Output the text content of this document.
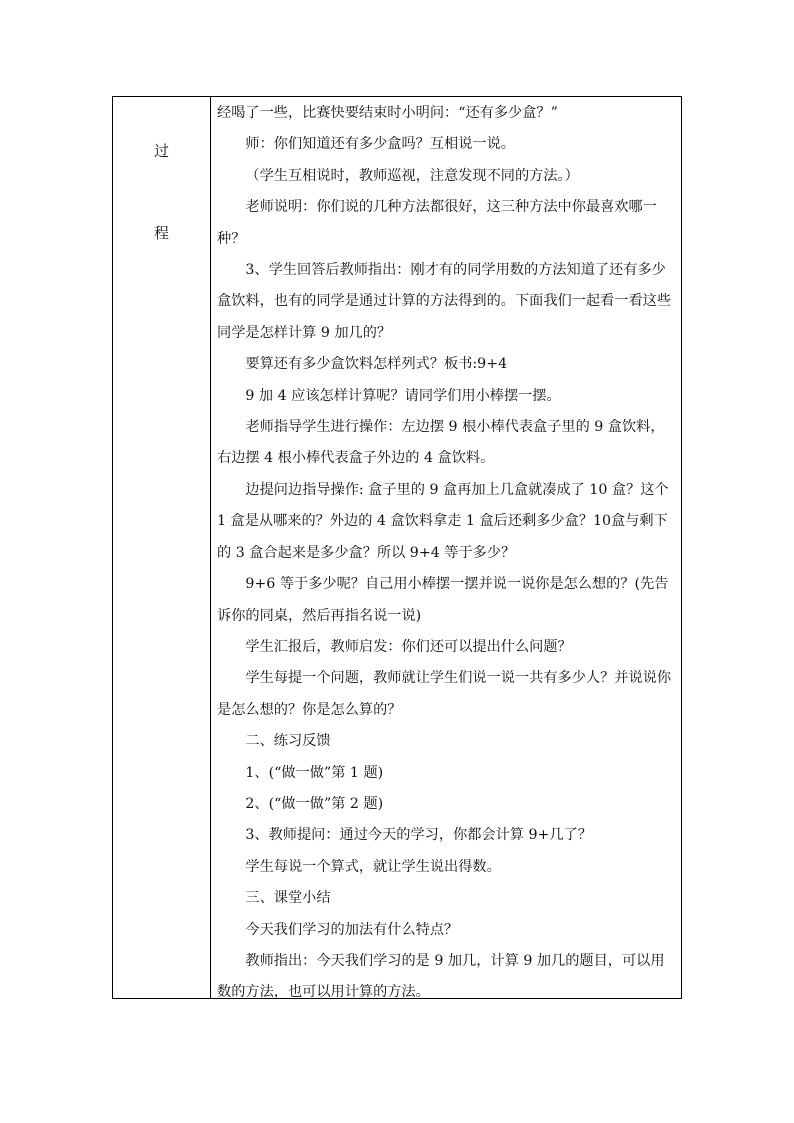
过
程

经喝了一些，比赛快要结束时小明问：“还有多少盒？”

师：你们知道还有多少盒吗？互相说一说。

（学生互相说时，教师巡视，注意发现不同的方法。）

老师说明：你们说的几种方法都很好，这三种方法中你最喜欢哪一种？

3、学生回答后教师指出：刚才有的同学用数的方法知道了还有多少盒饮料，也有的同学是通过计算的方法得到的。下面我们一起看一看这些同学是怎样计算 9 加几的？

要算还有多少盒饮料怎样列式？板书:9+4

9 加 4 应该怎样计算呢？请同学们用小棒摆一摆。

老师指导学生进行操作：左边摆 9 根小棒代表盒子里的 9 盒饮料，右边摆 4 根小棒代表盒子外边的 4 盒饮料。

边提问边指导操作: 盒子里的 9 盒再加上几盒就凑成了 10 盒？这个 1 盒是从哪来的？外边的 4 盒饮料拿走 1 盒后还剩多少盒？10盒与剩下的 3 盒合起来是多少盒？所以 9+4 等于多少？

9+6 等于多少呢？自己用小棒摆一摆并说一说你是怎么想的？(先告诉你的同桌，然后再指名说一说)

学生汇报后，教师启发：你们还可以提出什么问题？

学生每提一个问题，教师就让学生们说一说一共有多少人？并说说你是怎么想的？你是怎么算的？

二、练习反馈

1、(“做一做”第 1 题)

2、(“做一做”第 2 题)

3、教师提问：通过今天的学习，你都会计算 9+几了？

学生每说一个算式，就让学生说出得数。

三、课堂小结

今天我们学习的加法有什么特点？

教师指出：今天我们学习的是 9 加几，计算 9 加几的题目，可以用数的方法，也可以用计算的方法。
